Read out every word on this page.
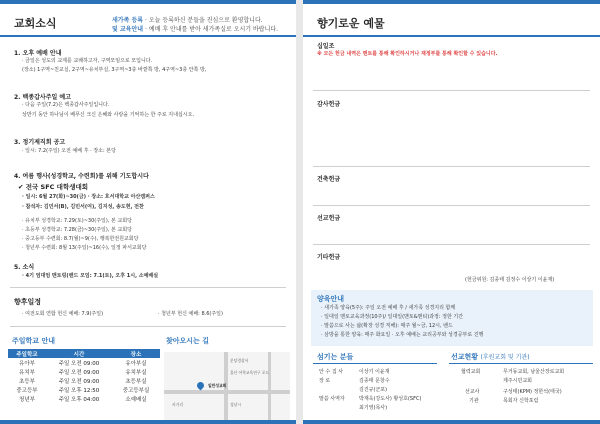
교회소식	새가족 등록 · 오늘 등록하신 분들을 진심으로 환영합니다.
및 교육안내 · 예배 후 안내를 받아 새가족실로 오시기 바랍니다.
1. 오후 예배 안내
· 금일은 성도의 교제를 교례하고자, 구역모임으로 모입니다.
(장소) 1구역~친교실, 2구역~유치부실, 3구역~3층 바깥쪽 방, 4구역~3층 안쪽 방,
2. 백종갑사주일 예고
· 다음 주일(7.2)은 백종갑사주일입니다.
상반기 동안 하나님이 베푸신 크신 은혜와 사랑을 기억하는 한 주로 지내십시오.
3. 정기제직회 공고
· 일시: 7.2(주일) 오전 예배 후 · 장소: 본당
4. 여름 행사(성경학교, 수련회)를 위해 기도합시다
✔ 전국 SFC 대학생대회
· 일시: 6월 27(화)~30(금) · 장소: 호서대학교 아산캠퍼스
· 참석자: 김민서(B), 김민서(여), 김지성, 송도현, 전찬
· 유치부 성경학교: 7.29(토)~30(주일), 본 교회당
· 초등부 성경학교: 7.28(금)~30(주일), 본 교회당
· 중고등부 수련회: 8.7(월)~9(수), 행복한전원교회당
· 청년부 수련회: 8월 13(주일)~16(수), 일정 파서교회당
5. 소식
· 4기 엄대엄 맨토링(밴드 모임: 7.1(토), 오후 1시, 소예배실
향후일정
· 여전도회 연합 헌신 예배: 7.9(주일)	· 청년부 헌신 예배: 8.6(주일)
주일학교 안내
주일학교	시간	장소
유아부	주일 오전 09:00	유아부실
유치부	주일 오전 09:00	유치부실
초등부	주일 오전 09:00	초등부실
중고등부	주일 오후 12:50	중고등부실
청년부	주일 오후 04:00	소예배실
찾아오시는 길
일만성교회
분당경찰서
울산 어학교육연구 포드
성남시
사거리
향기로운 예물
십일조
※ 모든 헌금 내역은 맨토를 통해 확인하시거나 재정부를 통해 확인할 수 있습니다.
감사헌금
건축헌금
선교헌금
기타헌금
(헌금위원: 김종태 김정수 이상기 이윤재)
양육안내
· 새가족 양육(5주): 주일 오전 예배 후 / 새가족 성경지리 함께
· 일대일 맨토교육과정(10주)/ 일대일(맨토&맨티)과정: 정한 기간
· 말씀으로 사는 삶(확장 성경 직해): 매주 월~금, 12시, 밴드
· 삼방을 통한 양육: 매주 화요일 · 오후 예배는 교리공부와 성경공부로 진행
섬기는 분들
안 수 집 사	이상기 이윤재
장 로	김종태 문창수
김진규(군포)
말씀 사역자	박재욱(강도사) 황성호(SFC)
최기영(목사)
선교현황 (후원교회 및 기관)
협력교회	무거동교회, 남울산장로교회
제주시민교회
선교사	구성태(KPM) 정한석(태국)
기관	목회자 신학포럼
